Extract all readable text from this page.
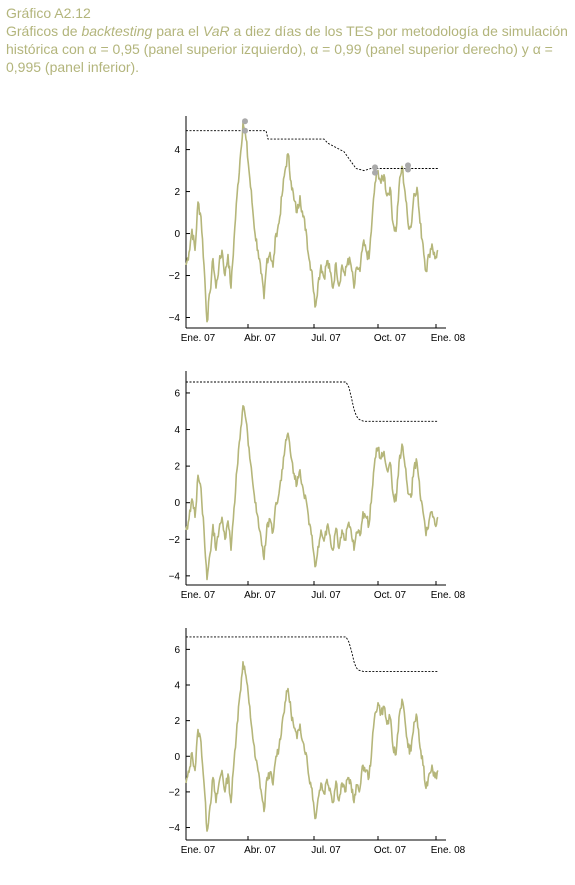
Gráfico A2.12
Gráficos de backtesting para el VaR a diez días de los TES por metodología de simulación histórica con α = 0,95 (panel superior izquierdo), α = 0,99 (panel superior derecho) y α = 0,995 (panel inferior).
−4
−2
0
2
4
Ene. 07	Abr. 07	Jul. 07	Oct. 07 Ene. 08
−4
−2
0
2
4
6
Ene. 07	Abr. 07	Jul. 07	Oct. 07 Ene. 08
−4
−2
0
2
4
6
Ene. 07	Abr. 07	Jul. 07	Oct. 07 Ene. 08
